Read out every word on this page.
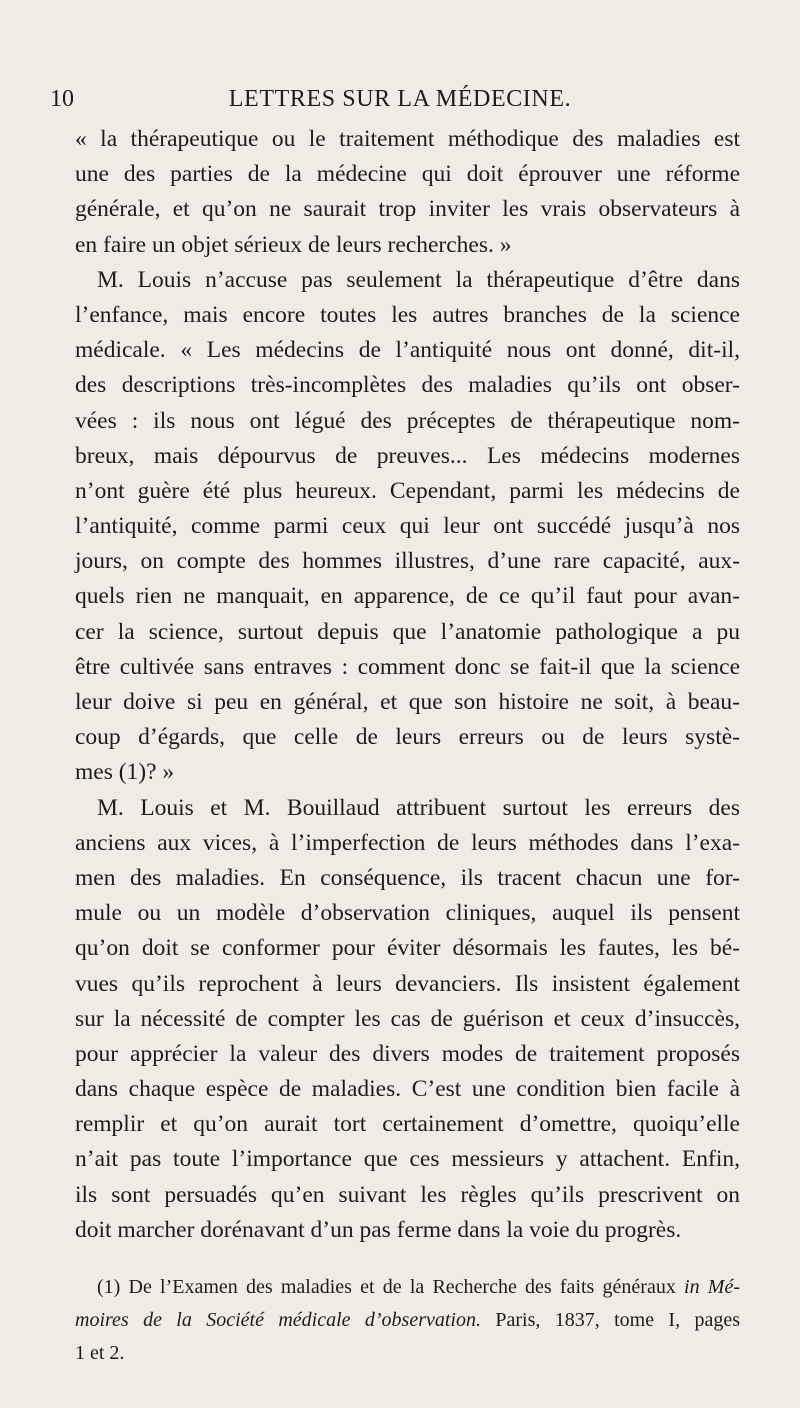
10	LETTRES SUR LA MÉDECINE.
« la thérapeutique ou le traitement méthodique des maladies est
une des parties de la médecine qui doit éprouver une réforme
générale, et qu’on ne saurait trop inviter les vrais observateurs à
en faire un objet sérieux de leurs recherches. »
M. Louis n’accuse pas seulement la thérapeutique d’être dans
l’enfance, mais encore toutes les autres branches de la science
médicale. « Les médecins de l’antiquité nous ont donné, dit-il,
des descriptions très-incomplètes des maladies qu’ils ont obser-
vées : ils nous ont légué des préceptes de thérapeutique nom-
breux, mais dépourvus de preuves... Les médecins modernes
n’ont guère été plus heureux. Cependant, parmi les médecins de
l’antiquité, comme parmi ceux qui leur ont succédé jusqu’à nos
jours, on compte des hommes illustres, d’une rare capacité, aux-
quels rien ne manquait, en apparence, de ce qu’il faut pour avan-
cer la science, surtout depuis que l’anatomie pathologique a pu
être cultivée sans entraves : comment donc se fait-il que la science
leur doive si peu en général, et que son histoire ne soit, à beau-
coup d’égards, que celle de leurs erreurs ou de leurs systè-
mes (1)? »
M. Louis et M. Bouillaud attribuent surtout les erreurs des
anciens aux vices, à l’imperfection de leurs méthodes dans l’exa-
men des maladies. En conséquence, ils tracent chacun une for-
mule ou un modèle d’observation cliniques, auquel ils pensent
qu’on doit se conformer pour éviter désormais les fautes, les bé-
vues qu’ils reprochent à leurs devanciers. Ils insistent également
sur la nécessité de compter les cas de guérison et ceux d’insuccès,
pour apprécier la valeur des divers modes de traitement proposés
dans chaque espèce de maladies. C’est une condition bien facile à
remplir et qu’on aurait tort certainement d’omettre, quoiqu’elle
n’ait pas toute l’importance que ces messieurs y attachent. Enfin,
ils sont persuadés qu’en suivant les règles qu’ils prescrivent on
doit marcher dorénavant d’un pas ferme dans la voie du progrès.
(1) De l’Examen des maladies et de la Recherche des faits généraux in Mé-
moires de la Société médicale d’observation. Paris, 1837, tome I, pages
1 et 2.
